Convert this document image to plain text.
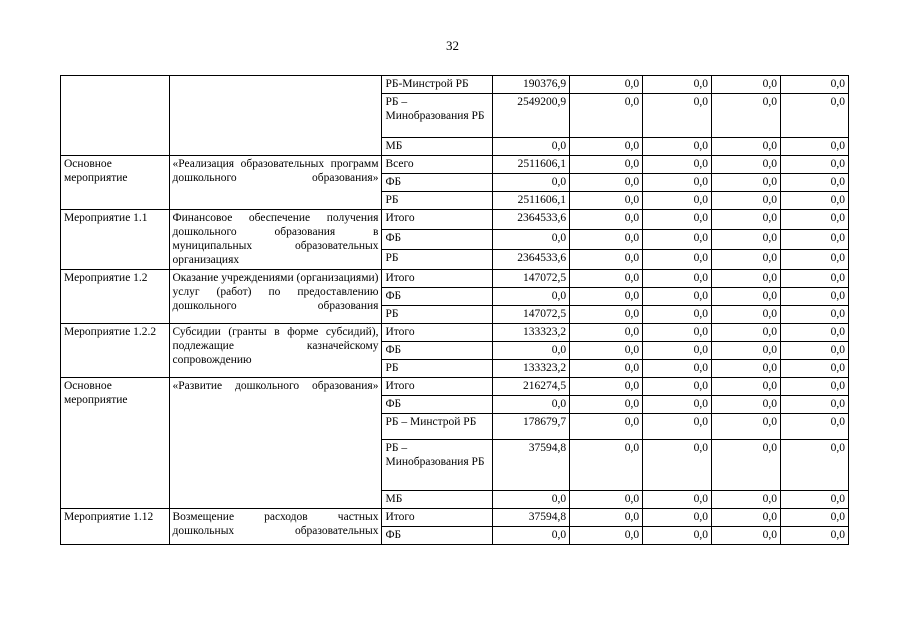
32
		РБ-Минстрой РБ	190376,9	0,0	0,0	0,0	0,0
		РБ – Минобразования РБ	2549200,9	0,0	0,0	0,0	0,0
		МБ	0,0	0,0	0,0	0,0	0,0
Основное мероприятие	«Реализация образовательных программ дошкольного образования»	Всего	2511606,1	0,0	0,0	0,0	0,0
		ФБ	0,0	0,0	0,0	0,0	0,0
		РБ	2511606,1	0,0	0,0	0,0	0,0
Мероприятие 1.1	Финансовое обеспечение получения дошкольного образования в муниципальных образовательных организациях	Итого	2364533,6	0,0	0,0	0,0	0,0
		ФБ	0,0	0,0	0,0	0,0	0,0
		РБ	2364533,6	0,0	0,0	0,0	0,0
Мероприятие 1.2	Оказание учреждениями (организациями) услуг (работ) по предоставлению дошкольного образования	Итого	147072,5	0,0	0,0	0,0	0,0
		ФБ	0,0	0,0	0,0	0,0	0,0
		РБ	147072,5	0,0	0,0	0,0	0,0
Мероприятие 1.2.2	Субсидии (гранты в форме субсидий), подлежащие казначейскому сопровождению	Итого	133323,2	0,0	0,0	0,0	0,0
		ФБ	0,0	0,0	0,0	0,0	0,0
		РБ	133323,2	0,0	0,0	0,0	0,0
Основное мероприятие	«Развитие дошкольного образования»	Итого	216274,5	0,0	0,0	0,0	0,0
		ФБ	0,0	0,0	0,0	0,0	0,0
		РБ – Минстрой РБ	178679,7	0,0	0,0	0,0	0,0
		РБ – Минобразования РБ	37594,8	0,0	0,0	0,0	0,0
		МБ	0,0	0,0	0,0	0,0	0,0
Мероприятие 1.12	Возмещение расходов частных дошкольных образовательных	Итого	37594,8	0,0	0,0	0,0	0,0
		ФБ	0,0	0,0	0,0	0,0	0,0
